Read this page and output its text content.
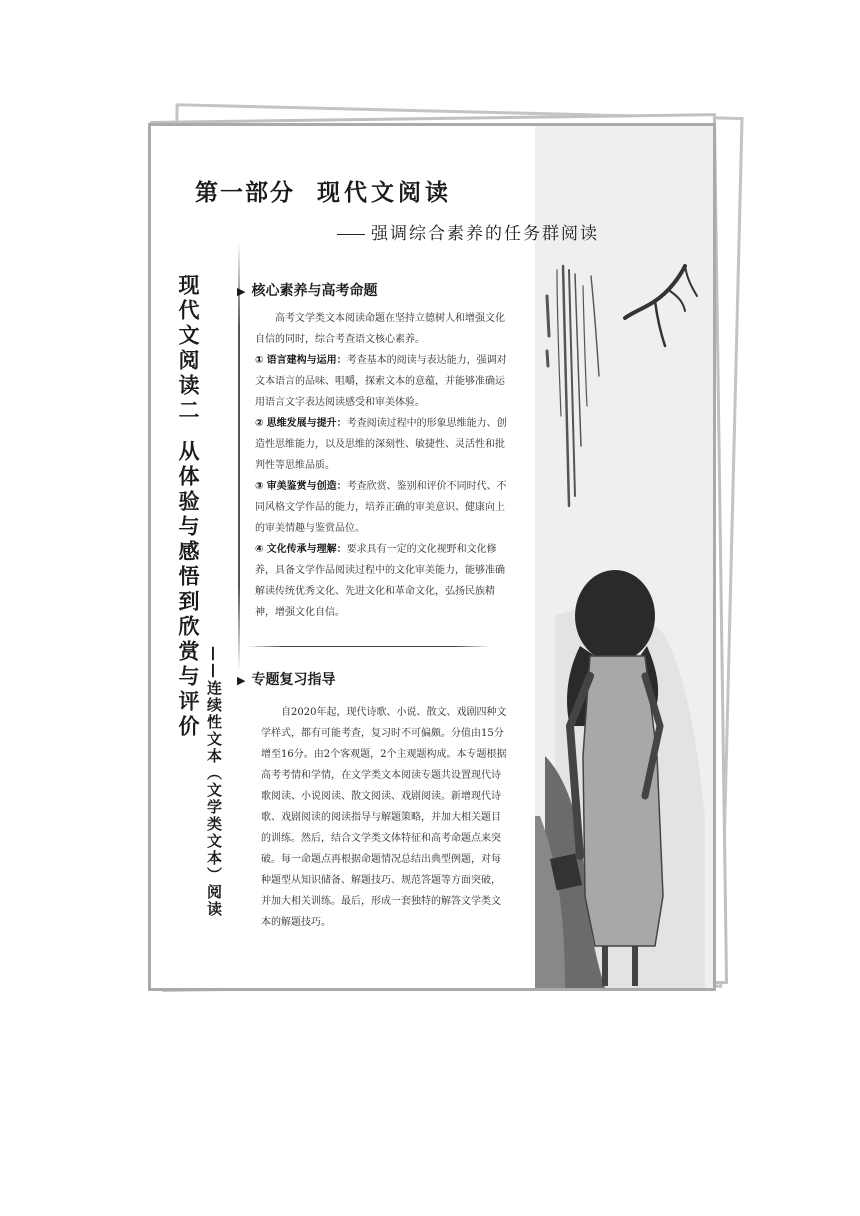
第一部分 现代文阅读
强调综合素养的任务群阅读
现代文阅读二从体验与感悟到欣赏与评价
——连续性文本（文学类文本）阅读
▶ 核心素养与高考命题
高考文学类文本阅读命题在坚持立德树人和增强文化自信的同时，综合考查语文核心素养。
① 语言建构与运用：考查基本的阅读与表达能力，强调对文本语言的品味、咀嚼，探索文本的意蕴，并能够准确运用语言文字表达阅读感受和审美体验。
② 思维发展与提升：考查阅读过程中的形象思维能力、创造性思维能力，以及思维的深刻性、敏捷性、灵活性和批判性等思维品质。
③ 审美鉴赏与创造：考查欣赏、鉴别和评价不同时代、不同风格文学作品的能力，培养正确的审美意识、健康向上的审美情趣与鉴赏品位。
④ 文化传承与理解：要求具有一定的文化视野和文化修养，具备文学作品阅读过程中的文化审美能力，能够准确解读传统优秀文化、先进文化和革命文化，弘扬民族精神，增强文化自信。
▶ 专题复习指导
自2020年起，现代诗歌、小说、散文、戏剧四种文学样式，都有可能考查，复习时不可偏颇。分值由15分增至16分。由2个客观题，2个主观题构成。本专题根据高考考情和学情，在文学类文本阅读专题共设置现代诗歌阅读、小说阅读、散文阅读、戏剧阅读。新增现代诗歌、戏剧阅读的阅读指导与解题策略，并加大相关题目的训练。然后，结合文学类文体特征和高考命题点来突破。每一命题点再根据命题情况总结出典型例题，对每种题型从知识储备、解题技巧、规范答题等方面突破，并加大相关训练。最后，形成一套独特的解答文学类文本的解题技巧。
